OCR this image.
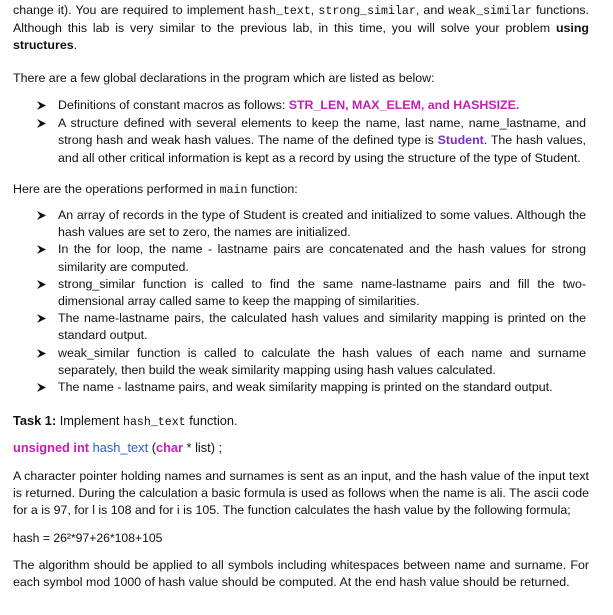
change it). You are required to implement hash_text, strong_similar, and weak_similar functions. Although this lab is very similar to the previous lab, in this time, you will solve your problem using structures.

There are a few global declarations in the program which are listed as below:

Definitions of constant macros as follows: STR_LEN, MAX_ELEM, and HASHSIZE.
A structure defined with several elements to keep the name, last name, name_lastname, and strong hash and weak hash values. The name of the defined type is Student. The hash values, and all other critical information is kept as a record by using the structure of the type of Student.

Here are the operations performed in main function:

An array of records in the type of Student is created and initialized to some values. Although the hash values are set to zero, the names are initialized.
In the for loop, the name - lastname pairs are concatenated and the hash values for strong similarity are computed.
strong_similar function is called to find the same name-lastname pairs and fill the two-dimensional array called same to keep the mapping of similarities.
The name-lastname pairs, the calculated hash values and similarity mapping is printed on the standard output.
weak_similar function is called to calculate the hash values of each name and surname separately, then build the weak similarity mapping using hash values calculated.
The name - lastname pairs, and weak similarity mapping is printed on the standard output.
Task 1: Implement hash_text function.
unsigned int hash_text (char * list) ;

A character pointer holding names and surnames is sent as an input, and the hash value of the input text is returned. During the calculation a basic formula is used as follows when the name is ali. The ascii code for a is 97, for l is 108 and for i is 105. The function calculates the hash value by the following formula;

hash = 26²*97+26*108+105

The algorithm should be applied to all symbols including whitespaces between name and surname. For each symbol mod 1000 of hash value should be computed. At the end hash value should be returned.
